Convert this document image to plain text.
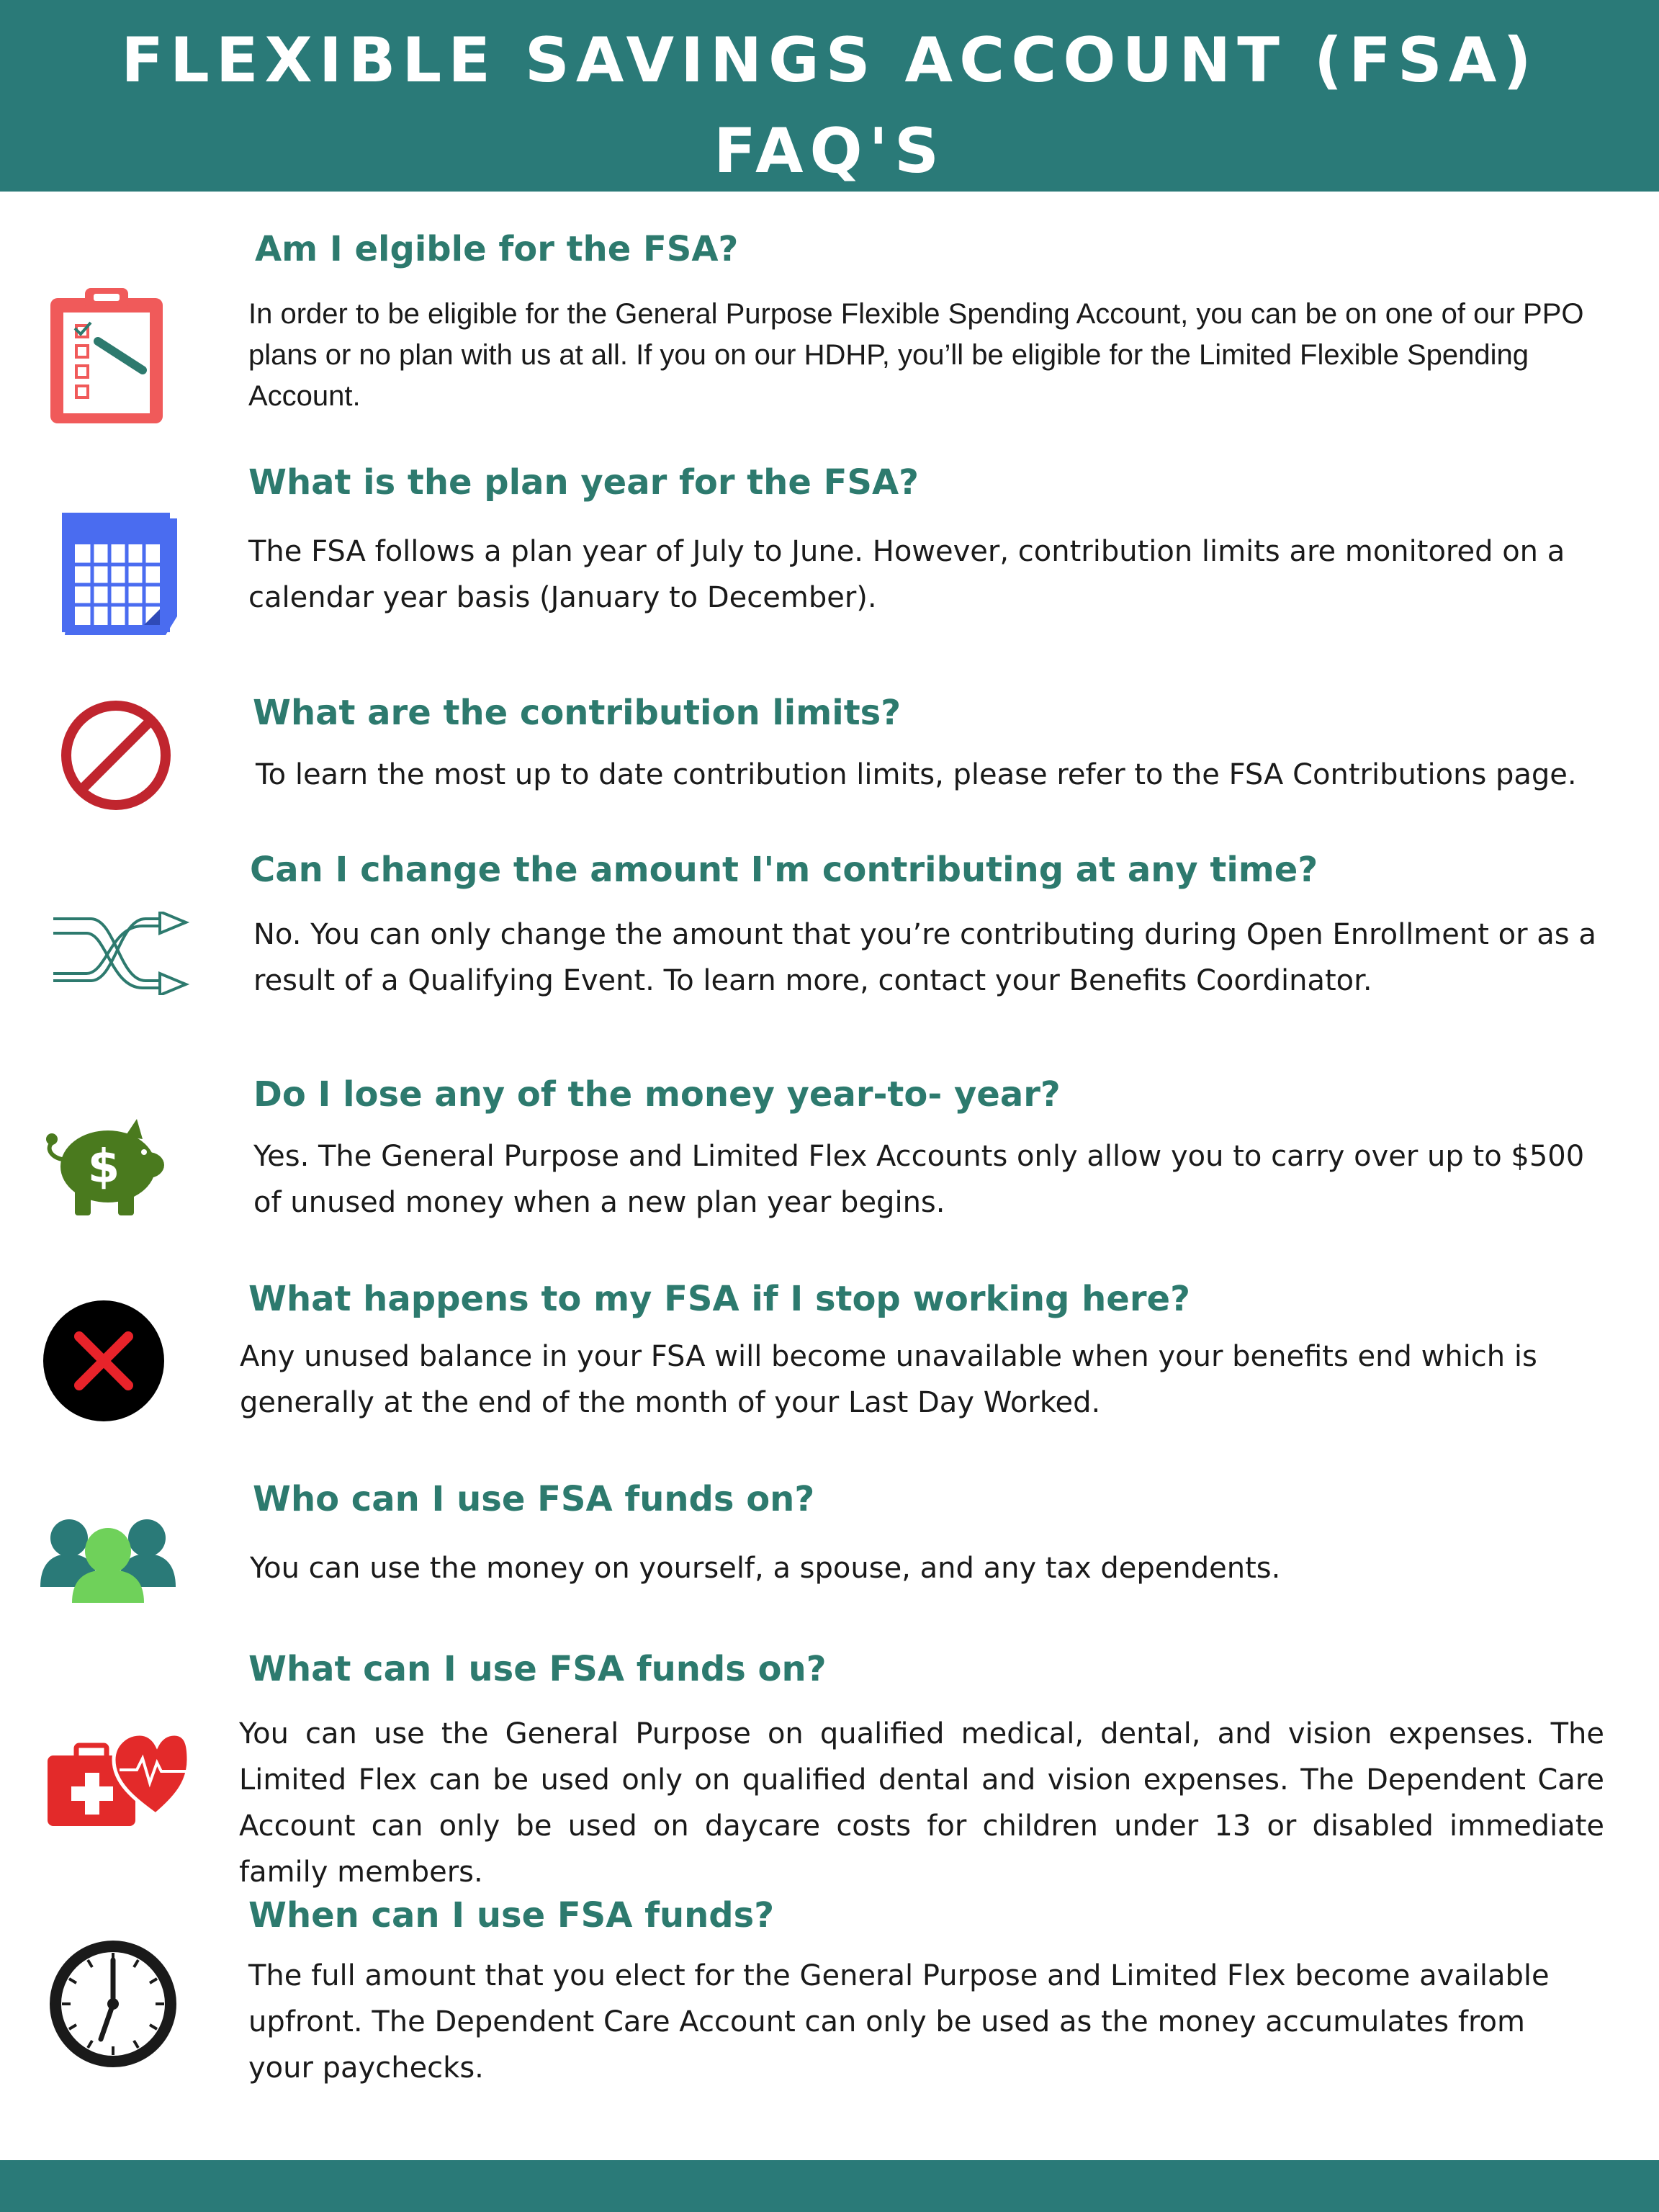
FLEXIBLE SAVINGS ACCOUNT (FSA)
FAQ'S
Am I elgible for the FSA?

In order to be eligible for the General Purpose Flexible Spending Account, you can be on one of our PPO plans or no plan with us at all. If you on our HDHP, you’ll be eligible for the Limited Flexible Spending Account.

What is the plan year for the FSA?

The FSA follows a plan year of July to June. However, contribution limits are monitored on a calendar year basis (January to December).

What are the contribution limits?

To learn the most up to date contribution limits, please refer to the FSA Contributions page.

Can I change the amount I'm contributing at any time?

No. You can only change the amount that you’re contributing during Open Enrollment or as a result of a Qualifying Event. To learn more, contact your Benefits Coordinator.

$
Do I lose any of the money year-to- year?

Yes. The General Purpose and Limited Flex Accounts only allow you to carry over up to $500 of unused money when a new plan year begins.

What happens to my FSA if I stop working here?

Any unused balance in your FSA will become unavailable when your benefits end which is generally at the end of the month of your Last Day Worked.

Who can I use FSA funds on?

You can use the money on yourself, a spouse, and any tax dependents.

What can I use FSA funds on?

You can use the General Purpose on qualified medical, dental, and vision expenses. The Limited Flex can be used only on qualified dental and vision expenses. The Dependent Care Account can only be used on daycare costs for children under 13 or disabled immediate family members.

When can I use FSA funds?

The full amount that you elect for the General Purpose and Limited Flex become available upfront. The Dependent Care Account can only be used as the money accumulates from your paychecks.
